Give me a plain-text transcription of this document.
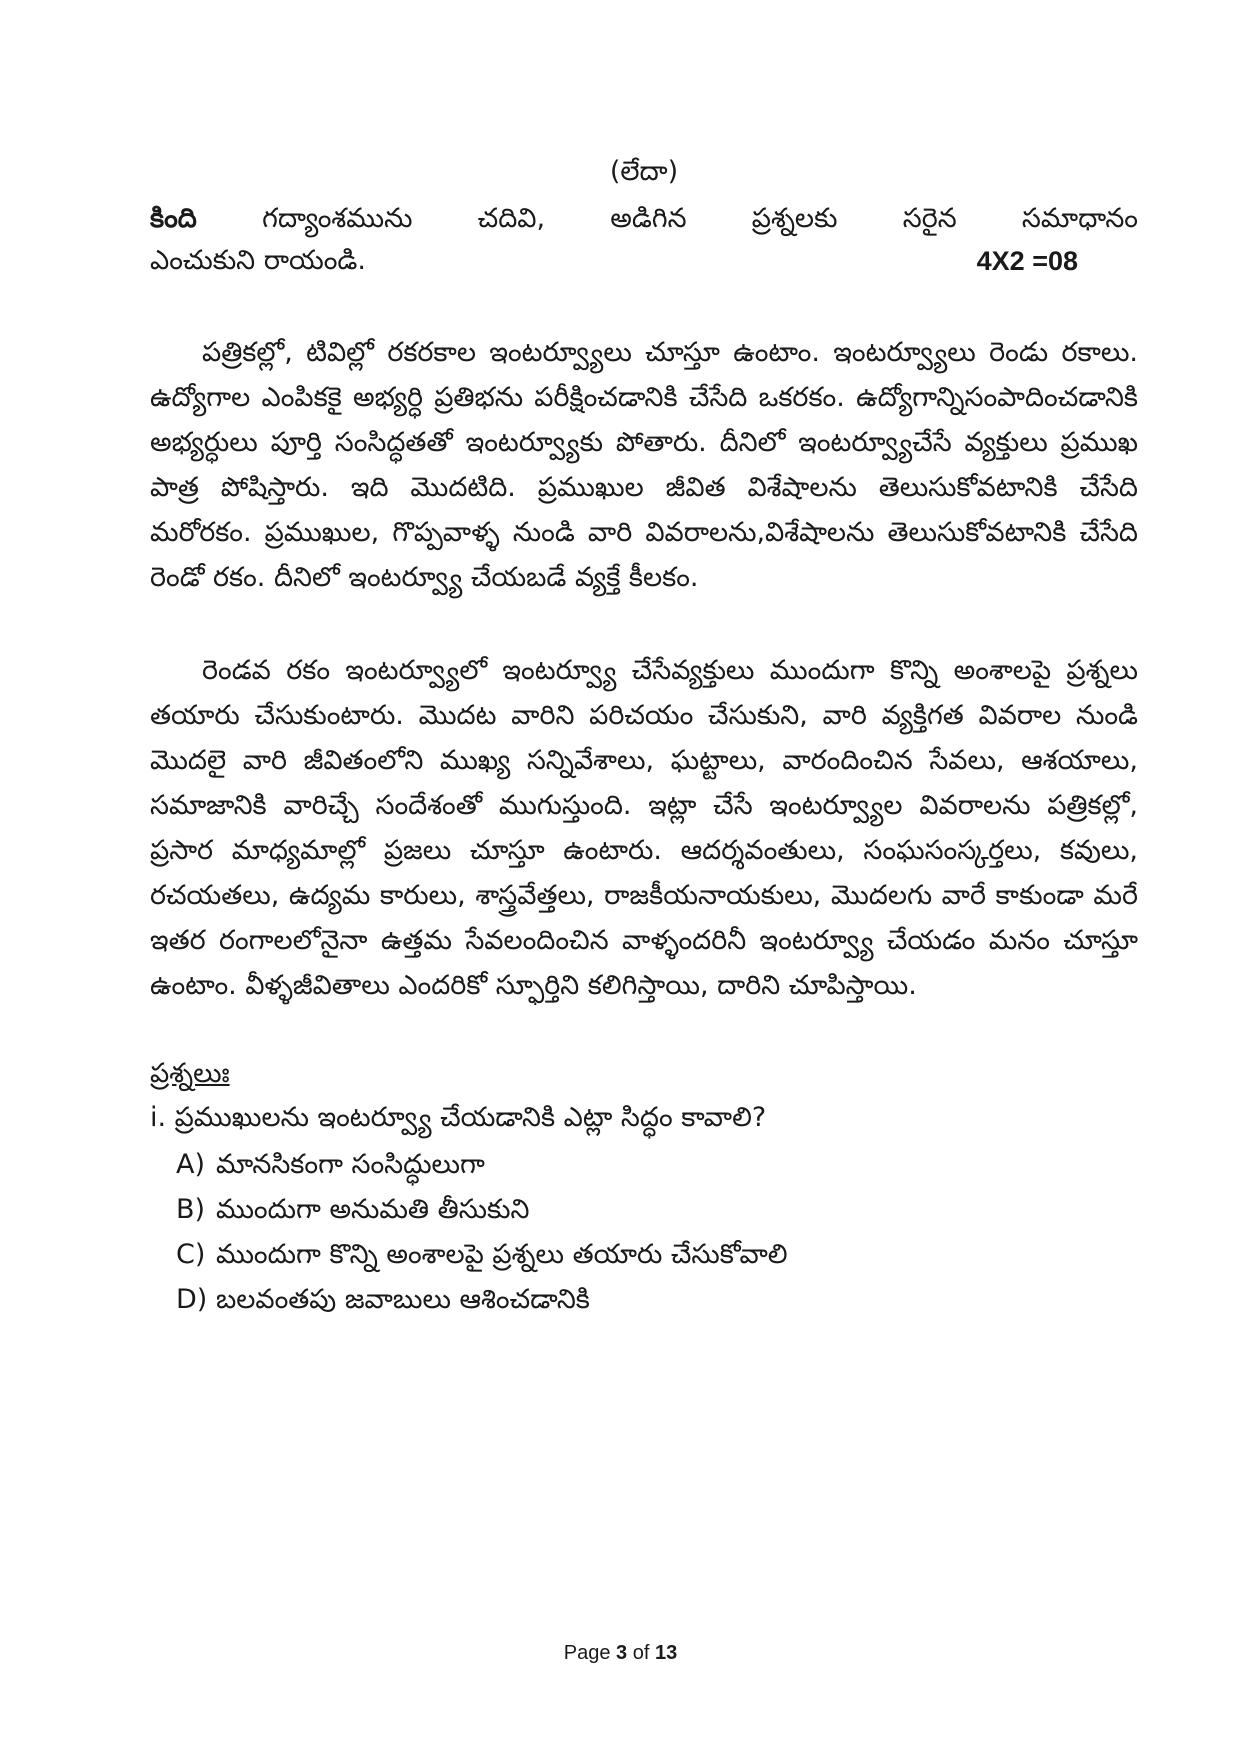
(లేదా)
కింది గద్యాంశమును చదివి, అడిగిన ప్రశ్నలకు సరైన సమాధానం
ఎంచుకుని రాయండి.	4X2 =08

పత్రికల్లో, టివిల్లో రకరకాల ఇంటర్వ్యూలు చూస్తూ ఉంటాం. ఇంటర్వ్యూలు రెండు రకాలు. ఉద్యోగాల ఎంపికకై అభ్యర్ధి ప్రతిభను పరీక్షించడానికి చేసేది ఒకరకం. ఉద్యోగాన్నిసంపాదించడానికి అభ్యర్ధులు పూర్తి సంసిద్ధతతో ఇంటర్వ్యూకు పోతారు. దీనిలో ఇంటర్వ్యూచేసే వ్యక్తులు ప్రముఖ పాత్ర పోషిస్తారు. ఇది మొదటిది. ప్రముఖుల జీవిత విశేషాలను తెలుసుకోవటానికి చేసేది మరోరకం. ప్రముఖుల, గొప్పవాళ్ళ నుండి వారి వివరాలను,విశేషాలను తెలుసుకోవటానికి చేసేది రెండో రకం. దీనిలో ఇంటర్వ్యూ చేయబడే వ్యక్తే కీలకం.

రెండవ రకం ఇంటర్వ్యూలో ఇంటర్వ్యూ చేసేవ్యక్తులు ముందుగా కొన్ని అంశాలపై ప్రశ్నలు తయారు చేసుకుంటారు. మొదట వారిని పరిచయం చేసుకుని, వారి వ్యక్తిగత వివరాల నుండి మొదలై వారి జీవితంలోని ముఖ్య సన్నివేశాలు, ఘట్టాలు, వారందించిన సేవలు, ఆశయాలు, సమాజానికి వారిచ్చే సందేశంతో ముగుస్తుంది. ఇట్లా చేసే ఇంటర్వ్యూల వివరాలను పత్రికల్లో, ప్రసార మాధ్యమాల్లో ప్రజలు చూస్తూ ఉంటారు. ఆదర్శవంతులు, సంఘసంస్కర్తలు, కవులు, రచయతలు, ఉద్యమ కారులు, శాస్త్రవేత్తలు, రాజకీయనాయకులు, మొదలగు వారే కాకుండా మరే ఇతర రంగాలలోనైనా ఉత్తమ సేవలందించిన వాళ్ళందరినీ ఇంటర్వ్యూ చేయడం మనం చూస్తూ ఉంటాం. వీళ్ళజీవితాలు ఎందరికో స్ఫూర్తిని కలిగిస్తాయి, దారిని చూపిస్తాయి.

ప్రశ్నలుః
i. ప్రముఖులను ఇంటర్వ్యూ చేయడానికి ఎట్లా సిద్ధం కావాలి?
A) మానసికంగా సంసిద్ధులుగా
B) ముందుగా అనుమతి తీసుకుని
C) ముందుగా కొన్ని అంశాలపై ప్రశ్నలు తయారు చేసుకోవాలి
D) బలవంతపు జవాబులు ఆశించడానికి
Page 3 of 13
